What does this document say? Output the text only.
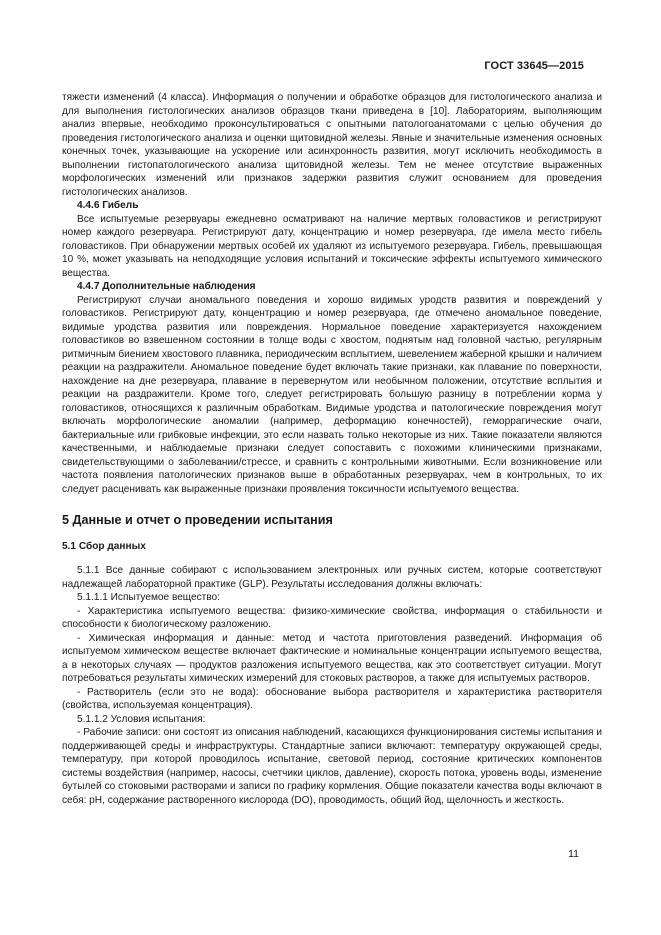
ГОСТ 33645—2015

тяжести изменений (4 класса). Информация о получении и обработке образцов для гистологического анализа и для выполнения гистологических анализов образцов ткани приведена в [10]. Лабораториям, выполняющим анализ впервые, необходимо проконсультироваться с опытными патологоанатомами с целью обучения до проведения гистологического анализа и оценки щитовидной железы. Явные и значительные изменения основных конечных точек, указывающие на ускорение или асинхронность развития, могут исключить необходимость в выполнении гистопатологического анализа щитовидной железы. Тем не менее отсутствие выраженных морфологических изменений или признаков задержки развития служит основанием для проведения гистологических анализов.

4.4.6 Гибель

Все испытуемые резервуары ежедневно осматривают на наличие мертвых головастиков и регистрируют номер каждого резервуара. Регистрируют дату, концентрацию и номер резервуара, где имела место гибель головастиков. При обнаружении мертвых особей их удаляют из испытуемого резервуара. Гибель, превышающая 10 %, может указывать на неподходящие условия испытаний и токсические эффекты испытуемого химического вещества.

4.4.7 Дополнительные наблюдения

Регистрируют случаи аномального поведения и хорошо видимых уродств развития и повреждений у головастиков. Регистрируют дату, концентрацию и номер резервуара, где отмечено аномальное поведение, видимые уродства развития или повреждения. Нормальное поведение характеризуется нахождением головастиков во взвешенном состоянии в толще воды с хвостом, поднятым над головной частью, регулярным ритмичным биением хвостового плавника, периодическим всплытием, шевелением жаберной крышки и наличием реакции на раздражители. Аномальное поведение будет включать такие признаки, как плавание по поверхности, нахождение на дне резервуара, плавание в перевернутом или необычном положении, отсутствие всплытия и реакции на раздражители. Кроме того, следует регистрировать большую разницу в потреблении корма у головастиков, относящихся к различным обработкам. Видимые уродства и патологические повреждения могут включать морфологические аномалии (например, деформацию конечностей), геморрагические очаги, бактериальные или грибковые инфекции, это если назвать только некоторые из них. Такие показатели являются качественными, и наблюдаемые признаки следует сопоставить с похожими клиническими признаками, свидетельствующими о заболевании/стрессе, и сравнить с контрольными животными. Если возникновение или частота появления патологических признаков выше в обработанных резервуарах, чем в контрольных, то их следует расценивать как выраженные признаки проявления токсичности испытуемого вещества.

5 Данные и отчет о проведении испытания
5.1 Сбор данных

5.1.1 Все данные собирают с использованием электронных или ручных систем, которые соответствуют надлежащей лабораторной практике (GLP). Результаты исследования должны включать:

5.1.1.1 Испытуемое вещество:

- Характеристика испытуемого вещества: физико-химические свойства, информация о стабильности и способности к биологическому разложению.

- Химическая информация и данные: метод и частота приготовления разведений. Информация об испытуемом химическом веществе включает фактические и номинальные концентрации испытуемого вещества, а в некоторых случаях — продуктов разложения испытуемого вещества, как это соответствует ситуации. Могут потребоваться результаты химических измерений для стоковых растворов, а также для испытуемых растворов.

- Растворитель (если это не вода): обоснование выбора растворителя и характеристика растворителя (свойства, используемая концентрация).

5.1.1.2 Условия испытания:

- Рабочие записи: они состоят из описания наблюдений, касающихся функционирования системы испытания и поддерживающей среды и инфраструктуры. Стандартные записи включают: температуру окружающей среды, температуру, при которой проводилось испытание, световой период, состояние критических компонентов системы воздействия (например, насосы, счетчики циклов, давление), скорость потока, уровень воды, изменение бутылей со стоковыми растворами и записи по графику кормления. Общие показатели качества воды включают в себя: pH, содержание растворенного кислорода (DO), проводимость, общий йод, щелочность и жесткость.

11
